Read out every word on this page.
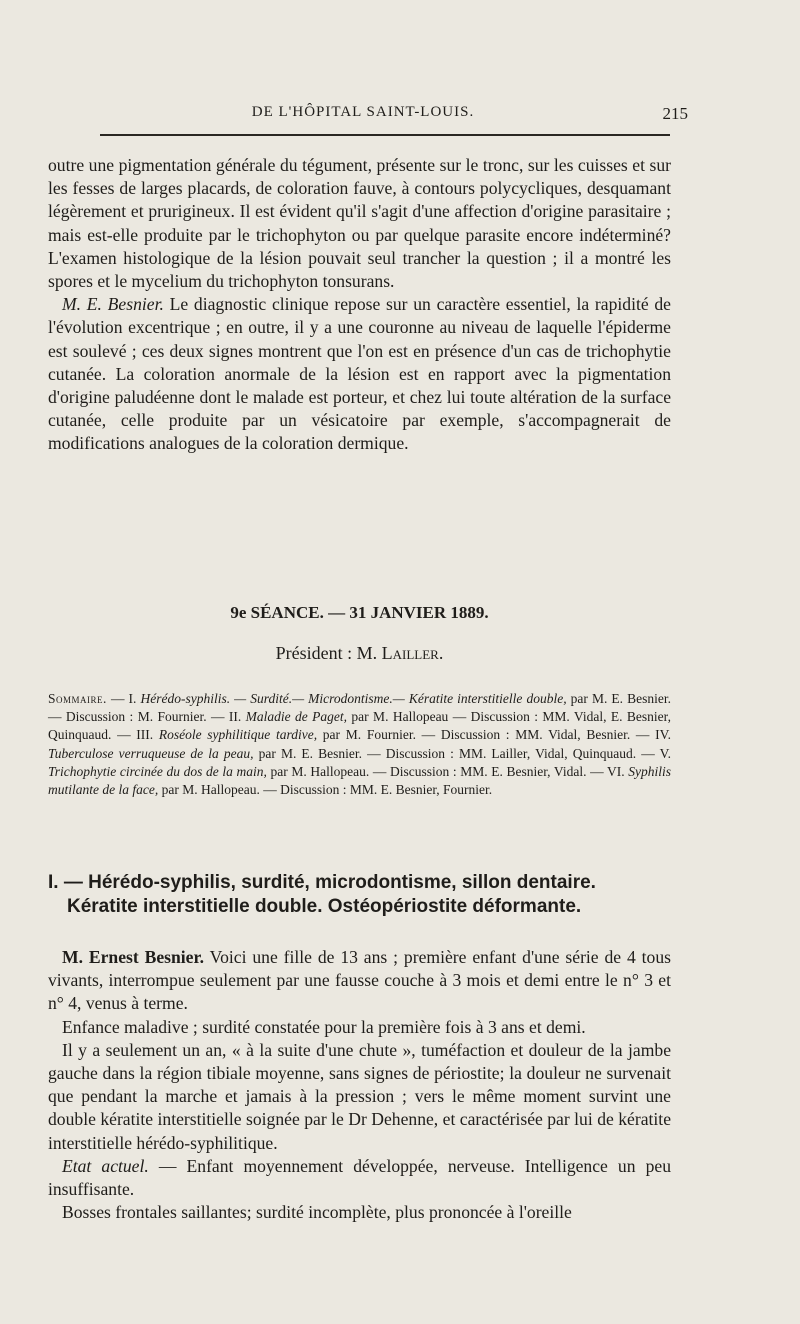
DE L'HÔPITAL SAINT-LOUIS.	215

outre une pigmentation générale du tégument, présente sur le tronc, sur les cuisses et sur les fesses de larges placards, de coloration fauve, à contours polycycliques, desquamant légèrement et prurigineux. Il est évident qu'il s'agit d'une affection d'origine parasitaire ; mais est-elle produite par le trichophyton ou par quelque parasite encore indéterminé? L'examen histologique de la lésion pouvait seul trancher la question ; il a montré les spores et le mycelium du trichophyton tonsurans.

M. E. Besnier. Le diagnostic clinique repose sur un caractère essentiel, la rapidité de l'évolution excentrique ; en outre, il y a une couronne au niveau de laquelle l'épiderme est soulevé ; ces deux signes montrent que l'on est en présence d'un cas de trichophytie cutanée. La coloration anormale de la lésion est en rapport avec la pigmentation d'origine paludéenne dont le malade est porteur, et chez lui toute altération de la surface cutanée, celle produite par un vésicatoire par exemple, s'accompagnerait de modifications analogues de la coloration dermique.

9e SÉANCE. — 31 JANVIER 1889.
Président : M. Lailler.
Sommaire. — I. Hérédo-syphilis. — Surdité.— Microdontisme.— Kératite interstitielle double, par M. E. Besnier. — Discussion : M. Fournier. — II. Maladie de Paget, par M. Hallopeau — Discussion : MM. Vidal, E. Besnier, Quinquaud. — III. Roséole syphilitique tardive, par M. Fournier. — Discussion : MM. Vidal, Besnier. — IV. Tuberculose verruqueuse de la peau, par M. E. Besnier. — Discussion : MM. Lailler, Vidal, Quinquaud. — V. Trichophytie circinée du dos de la main, par M. Hallopeau. — Discussion : MM. E. Besnier, Vidal. — VI. Syphilis mutilante de la face, par M. Hallopeau. — Discussion : MM. E. Besnier, Fournier.
I. — Hérédo-syphilis, surdité, microdontisme, sillon dentaire.
Kératite interstitielle double. Ostéopériostite déformante.

M. Ernest Besnier. Voici une fille de 13 ans ; première enfant d'une série de 4 tous vivants, interrompue seulement par une fausse couche à 3 mois et demi entre le n° 3 et n° 4, venus à terme.

Enfance maladive ; surdité constatée pour la première fois à 3 ans et demi.

Il y a seulement un an, « à la suite d'une chute », tuméfaction et douleur de la jambe gauche dans la région tibiale moyenne, sans signes de périostite; la douleur ne survenait que pendant la marche et jamais à la pression ; vers le même moment survint une double kératite interstitielle soignée par le Dr Dehenne, et caractérisée par lui de kératite interstitielle hérédo-syphilitique.

Etat actuel. — Enfant moyennement développée, nerveuse. Intelligence un peu insuffisante.

Bosses frontales saillantes; surdité incomplète, plus prononcée à l'oreille
